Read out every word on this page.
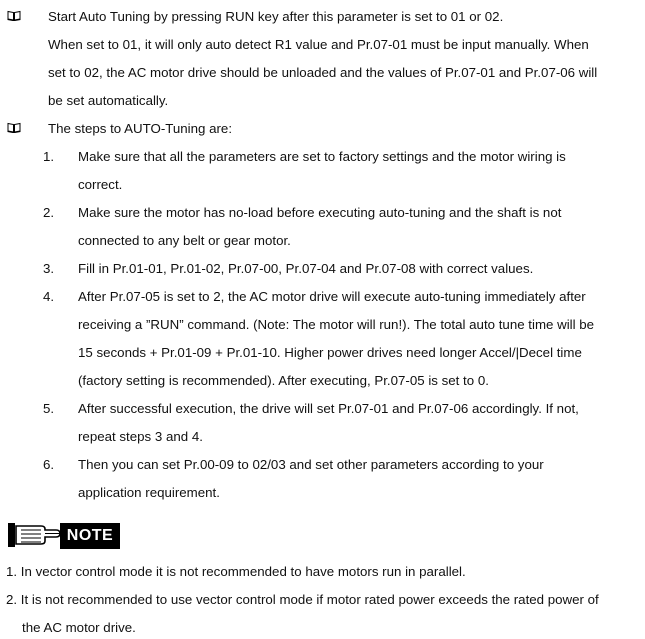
Start Auto Tuning by pressing RUN key after this parameter is set to 01 or 02.
When set to 01, it will only auto detect R1 value and Pr.07-01 must be input manually. When
set to 02, the AC motor drive should be unloaded and the values of Pr.07-01 and Pr.07-06 will
be set automatically.
The steps to AUTO-Tuning are:
1. Make sure that all the parameters are set to factory settings and the motor wiring is
correct.
2. Make sure the motor has no-load before executing auto-tuning and the shaft is not
connected to any belt or gear motor.
3. Fill in Pr.01-01, Pr.01-02, Pr.07-00, Pr.07-04 and Pr.07-08 with correct values.
4. After Pr.07-05 is set to 2, the AC motor drive will execute auto-tuning immediately after
receiving a ”RUN” command. (Note: The motor will run!). The total auto tune time will be
15 seconds + Pr.01-09 + Pr.01-10. Higher power drives need longer Accel/|Decel time
(factory setting is recommended). After executing, Pr.07-05 is set to 0.
5. After successful execution, the drive will set Pr.07-01 and Pr.07-06 accordingly. If not,
repeat steps 3 and 4.
6. Then you can set Pr.00-09 to 02/03 and set other parameters according to your
application requirement.
NOTE
1. In vector control mode it is not recommended to have motors run in parallel.
2. It is not recommended to use vector control mode if motor rated power exceeds the rated power of
the AC motor drive.
